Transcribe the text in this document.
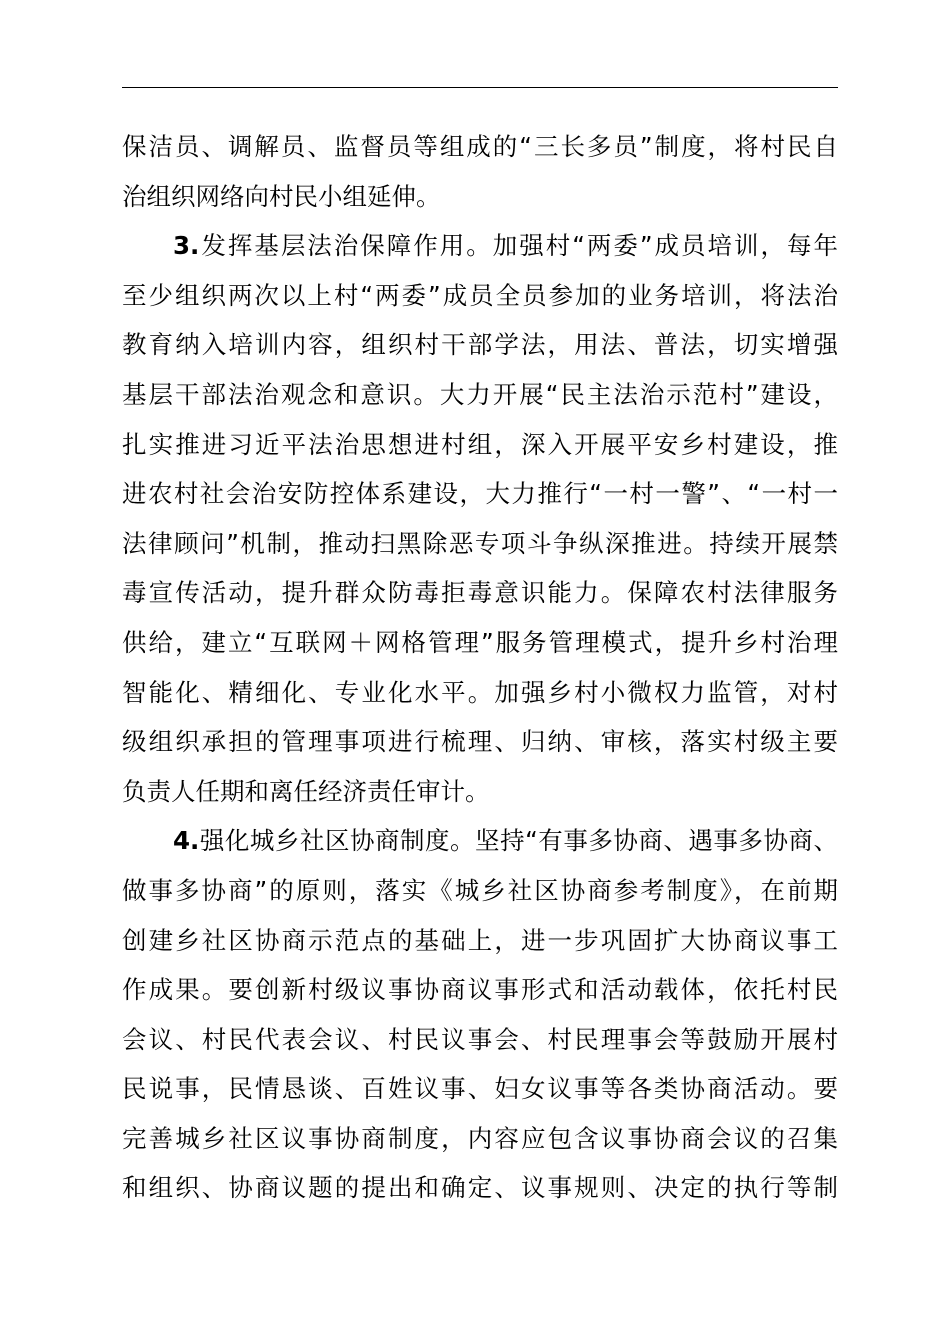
保洁员、调解员、监督员等组成的“三长多员”制度，将村民自
治组织网络向村民小组延伸。
3.发挥基层法治保障作用。加强村“两委”成员培训，每年
至少组织两次以上村“两委”成员全员参加的业务培训，将法治
教育纳入培训内容，组织村干部学法，用法、普法，切实增强
基层干部法治观念和意识。大力开展“民主法治示范村”建设，
扎实推进习近平法治思想进村组，深入开展平安乡村建设，推
进农村社会治安防控体系建设，大力推行“一村一警”、“一村一
法律顾问”机制，推动扫黑除恶专项斗争纵深推进。持续开展禁
毒宣传活动，提升群众防毒拒毒意识能力。保障农村法律服务
供给，建立“互联网＋网格管理”服务管理模式，提升乡村治理
智能化、精细化、专业化水平。加强乡村小微权力监管，对村
级组织承担的管理事项进行梳理、归纳、审核，落实村级主要
负责人任期和离任经济责任审计。
4.强化城乡社区协商制度。坚持“有事多协商、遇事多协商、
做事多协商”的原则，落实《城乡社区协商参考制度》，在前期
创建乡社区协商示范点的基础上，进一步巩固扩大协商议事工
作成果。要创新村级议事协商议事形式和活动载体，依托村民
会议、村民代表会议、村民议事会、村民理事会等鼓励开展村
民说事，民情恳谈、百姓议事、妇女议事等各类协商活动。要
完善城乡社区议事协商制度，内容应包含议事协商会议的召集
和组织、协商议题的提出和确定、议事规则、决定的执行等制
